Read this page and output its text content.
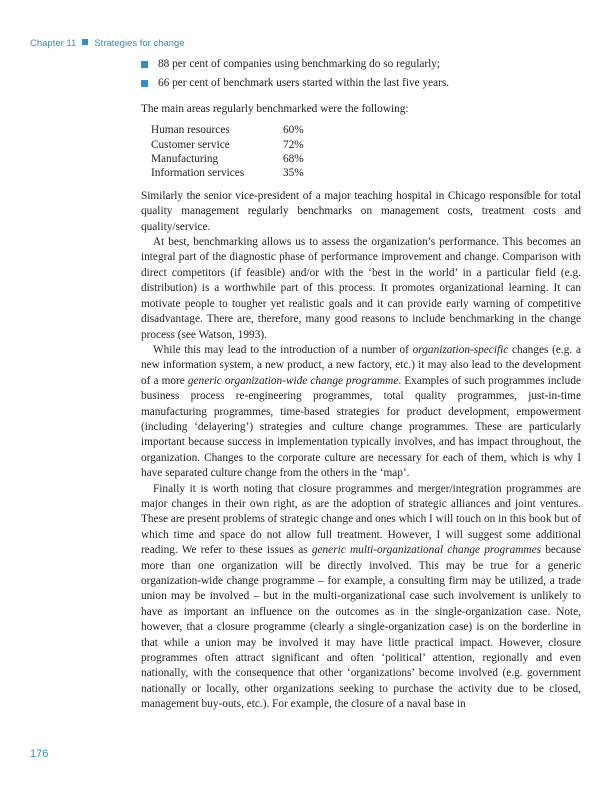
Chapter 11 Strategies for change
88 per cent of companies using benchmarking do so regularly;
66 per cent of benchmark users started within the last five years.

The main areas regularly benchmarked were the following:

Human resources	60%
Customer service	72%
Manufacturing	68%
Information services	35%

Similarly the senior vice-president of a major teaching hospital in Chicago responsible for total quality management regularly benchmarks on management costs, treatment costs and quality/service.

At best, benchmarking allows us to assess the organization’s performance. This becomes an integral part of the diagnostic phase of performance improvement and change. Comparison with direct competitors (if feasible) and/or with the ‘best in the world’ in a particular field (e.g. distribution) is a worthwhile part of this process. It promotes organizational learning. It can motivate people to tougher yet realistic goals and it can provide early warning of competitive disadvantage. There are, therefore, many good reasons to include benchmarking in the change process (see Watson, 1993).

While this may lead to the introduction of a number of organization-specific changes (e.g. a new information system, a new product, a new factory, etc.) it may also lead to the development of a more generic organization-wide change programme. Examples of such programmes include business process re-engineering programmes, total quality programmes, just-in-time manufacturing programmes, time-based strategies for product development, empowerment (including ‘delayering’) strategies and culture change programmes. These are particularly important because success in implementation typically involves, and has impact throughout, the organization. Changes to the corporate culture are necessary for each of them, which is why I have separated culture change from the others in the ‘map’.

Finally it is worth noting that closure programmes and merger/integration programmes are major changes in their own right, as are the adoption of strategic alliances and joint ventures. These are present problems of strategic change and ones which I will touch on in this book but of which time and space do not allow full treatment. However, I will suggest some additional reading. We refer to these issues as generic multi-organizational change programmes because more than one organization will be directly involved. This may be true for a generic organization-wide change programme – for example, a consulting firm may be utilized, a trade union may be involved – but in the multi-organizational case such involvement is unlikely to have as important an influence on the outcomes as in the single-organization case. Note, however, that a closure programme (clearly a single-organization case) is on the borderline in that while a union may be involved it may have little practical impact. However, closure programmes often attract significant and often ‘political’ attention, regionally and even nationally, with the consequence that other ‘organizations’ become involved (e.g. government nationally or locally, other organizations seeking to purchase the activity due to be closed, management buy-outs, etc.). For example, the closure of a naval base in

176
